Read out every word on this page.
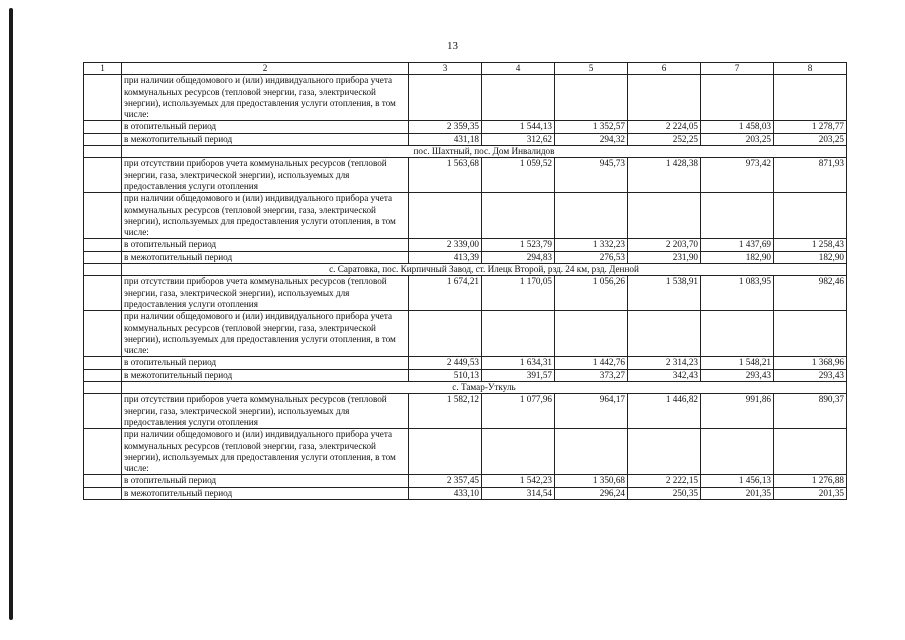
13
1	2	3	4	5	6	7	8
	при наличии общедомового и (или) индивидуального прибора учета коммунальных ресурсов (тепловой энергии, газа, электрической энергии), используемых для предоставления услуги отопления, в том числе:						
	в отопительный период	2 359,35	1 544,13	1 352,57	2 224,05	1 458,03	1 278,77
	в межотопительный период	431,18	312,62	294,32	252,25	203,25	203,25
	пос. Шахтный, пос. Дом Инвалидов						
	при отсутствии приборов учета коммунальных ресурсов (тепловой энергии, газа, электрической энергии), используемых для предоставления услуги отопления	1 563,68	1 059,52	945,73	1 428,38	973,42	871,93
	при наличии общедомового и (или) индивидуального прибора учета коммунальных ресурсов (тепловой энергии, газа, электрической энергии), используемых для предоставления услуги отопления, в том числе:						
	в отопительный период	2 339,00	1 523,79	1 332,23	2 203,70	1 437,69	1 258,43
	в межотопительный период	413,39	294,83	276,53	231,90	182,90	182,90
	с. Саратовка, пос. Кирпичный Завод, ст. Илецк Второй, рзд. 24 км, рзд. Денной						
	при отсутствии приборов учета коммунальных ресурсов (тепловой энергии, газа, электрической энергии), используемых для предоставления услуги отопления	1 674,21	1 170,05	1 056,26	1 538,91	1 083,95	982,46
	при наличии общедомового и (или) индивидуального прибора учета коммунальных ресурсов (тепловой энергии, газа, электрической энергии), используемых для предоставления услуги отопления, в том числе:						
	в отопительный период	2 449,53	1 634,31	1 442,76	2 314,23	1 548,21	1 368,96
	в межотопительный период	510,13	391,57	373,27	342,43	293,43	293,43
	с. Тамар-Уткуль						
	при отсутствии приборов учета коммунальных ресурсов (тепловой энергии, газа, электрической энергии), используемых для предоставления услуги отопления	1 582,12	1 077,96	964,17	1 446,82	991,86	890,37
	при наличии общедомового и (или) индивидуального прибора учета коммунальных ресурсов (тепловой энергии, газа, электрической энергии), используемых для предоставления услуги отопления, в том числе:						
	в отопительный период	2 357,45	1 542,23	1 350,68	2 222,15	1 456,13	1 276,88
	в межотопительный период	433,10	314,54	296,24	250,35	201,35	201,35
